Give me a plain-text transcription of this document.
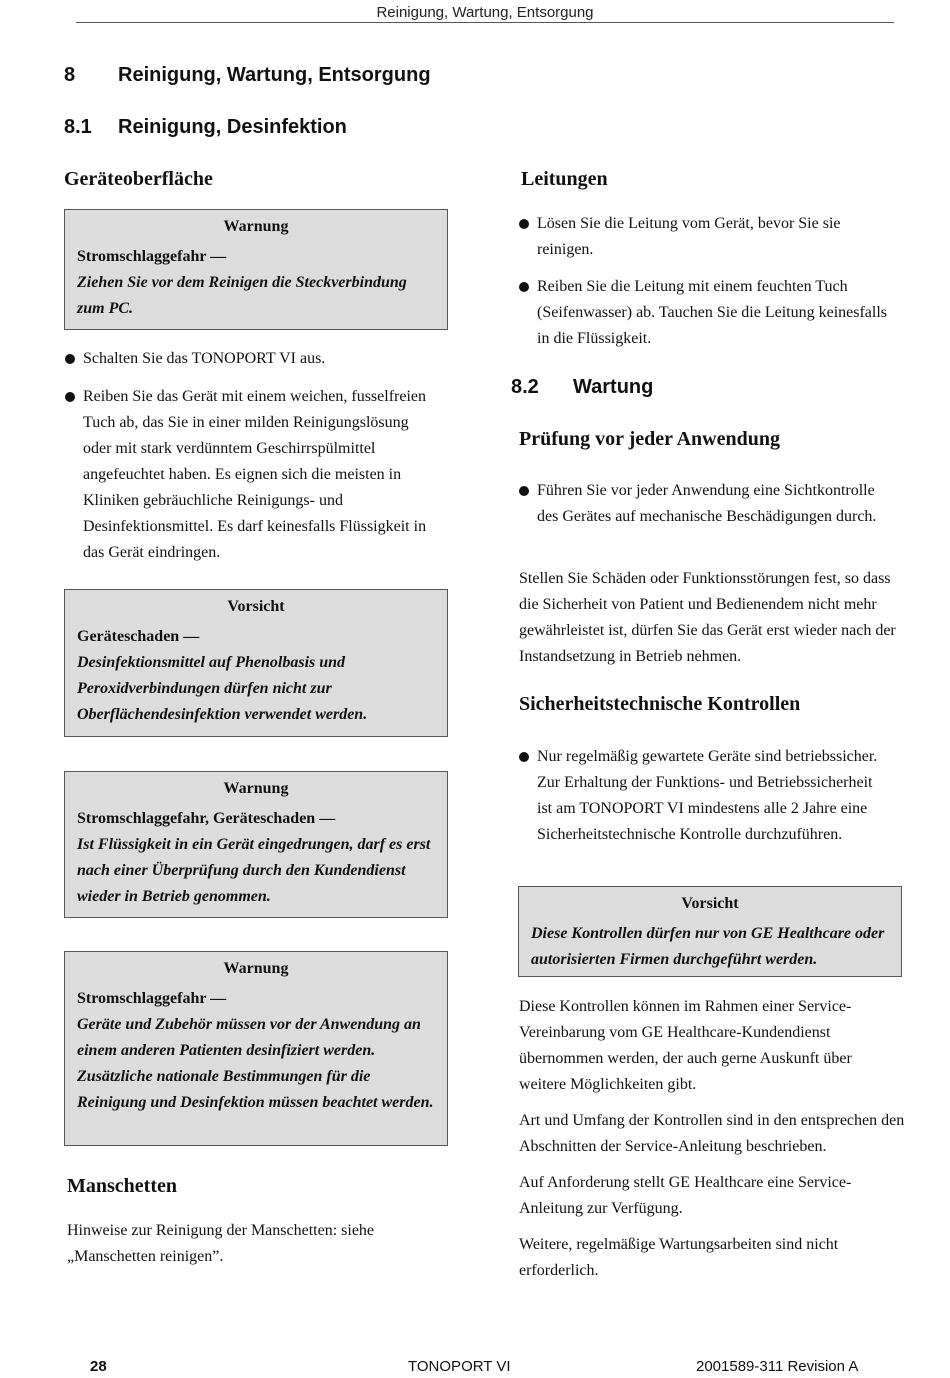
Reinigung, Wartung, Entsorgung
8 Reinigung, Wartung, Entsorgung
8.1 Reinigung, Desinfektion
Geräteoberfläche
Warnung
Stromschlaggefahr —
Ziehen Sie vor dem Reinigen die Steckverbindung zum PC.
Schalten Sie das TONOPORT VI aus.
Reiben Sie das Gerät mit einem weichen, fusselfreien Tuch ab, das Sie in einer milden Reinigungslösung oder mit stark verdünntem Geschirrspülmittel angefeuchtet haben. Es eignen sich die meisten in Kliniken gebräuchliche Reinigungs- und Desinfektionsmittel. Es darf keinesfalls Flüssigkeit in das Gerät eindringen.
Vorsicht
Geräteschaden —
Desinfektionsmittel auf Phenolbasis und Peroxidverbindungen dürfen nicht zur Oberflächendesinfektion verwendet werden.
Warnung
Stromschlaggefahr, Geräteschaden —
Ist Flüssigkeit in ein Gerät eingedrungen, darf es erst nach einer Überprüfung durch den Kundendienst wieder in Betrieb genommen.
Warnung
Stromschlaggefahr —
Geräte und Zubehör müssen vor der Anwendung an einem anderen Patienten desinfiziert werden. Zusätzliche nationale Bestimmungen für die Reinigung und Desinfektion müssen beachtet werden.
Manschetten
Hinweise zur Reinigung der Manschetten: siehe „Manschetten reinigen”.
Leitungen
Lösen Sie die Leitung vom Gerät, bevor Sie sie reinigen.
Reiben Sie die Leitung mit einem feuchten Tuch (Seifenwasser) ab. Tauchen Sie die Leitung keinesfalls in die Flüssigkeit.
8.2 Wartung
Prüfung vor jeder Anwendung
Führen Sie vor jeder Anwendung eine Sichtkontrolle des Gerätes auf mechanische Beschädigungen durch.
Stellen Sie Schäden oder Funktionsstörungen fest, so dass die Sicherheit von Patient und Bedienendem nicht mehr gewährleistet ist, dürfen Sie das Gerät erst wieder nach der Instandsetzung in Betrieb nehmen.
Sicherheitstechnische Kontrollen
Nur regelmäßig gewartete Geräte sind betriebssicher. Zur Erhaltung der Funktions- und Betriebssicherheit ist am TONOPORT VI mindestens alle 2 Jahre eine Sicherheitstechnische Kontrolle durchzuführen.
Vorsicht
Diese Kontrollen dürfen nur von GE Healthcare oder autorisierten Firmen durchgeführt werden.
Diese Kontrollen können im Rahmen einer Service-Vereinbarung vom GE Healthcare-Kundendienst übernommen werden, der auch gerne Auskunft über weitere Möglichkeiten gibt.
Art und Umfang der Kontrollen sind in den entsprechen den Abschnitten der Service-Anleitung beschrieben.
Auf Anforderung stellt GE Healthcare eine Service-Anleitung zur Verfügung.
Weitere, regelmäßige Wartungsarbeiten sind nicht erforderlich.
28	TONOPORT VI	2001589-311 Revision A
